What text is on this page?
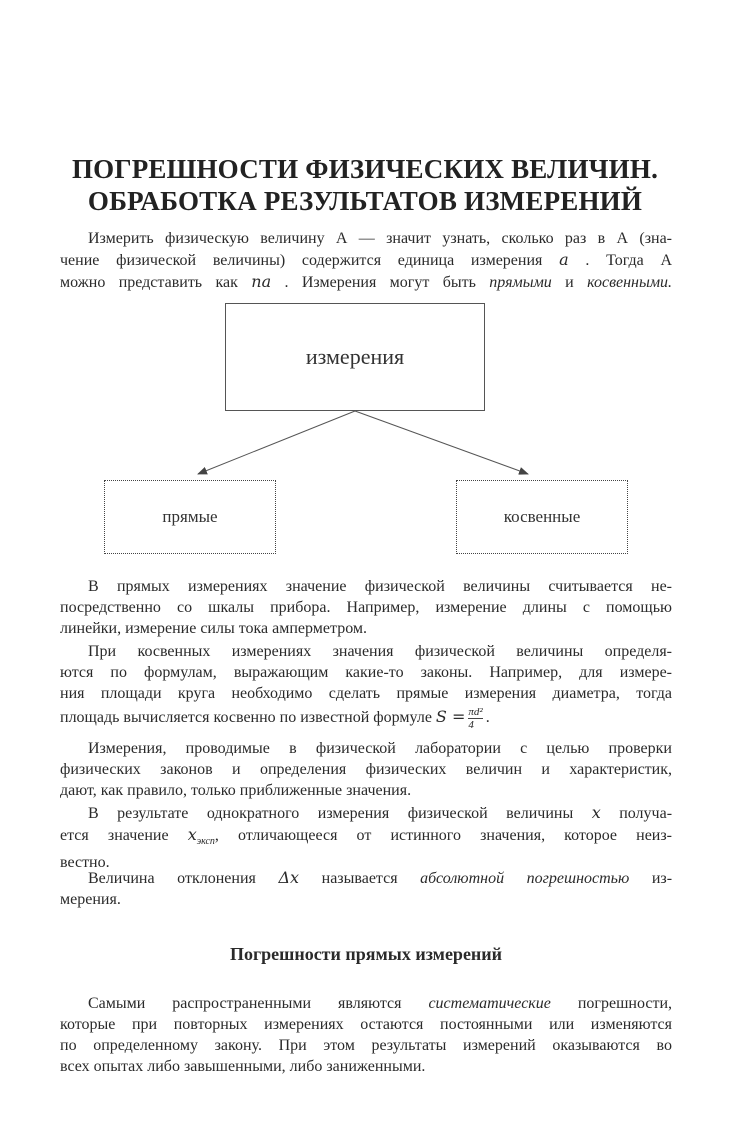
ПОГРЕШНОСТИ ФИЗИЧЕСКИХ ВЕЛИЧИН.
ОБРАБОТКА РЕЗУЛЬТАТОВ ИЗМЕРЕНИЙ
Измерить физическую величину А — значит узнать, сколько раз в А (зна-
чение физической величины) содержится единица измерения a . Тогда А
можно представить как na . Измерения могут быть прямыми и косвенными.
измерения
прямые	косвенные
В прямых измерениях значение физической величины считывается не-
посредственно со шкалы прибора. Например, измерение длины с помощью
линейки, измерение силы тока амперметром.
При косвенных измерениях значения физической величины определя-
ются по формулам, выражающим какие-то законы. Например, для измере-
ния площади круга необходимо сделать прямые измерения диаметра, тогда
площадь вычисляется косвенно по известной формуле $S = \frac{\text{πd²}}{4}$ .
Измерения, проводимые в физической лаборатории с целью проверки
физических законов и определения физических величин и характеристик,
дают, как правило, только приближенные значения.
В результате однократного измерения физической величины x получа-
ется значение $x_{эксп}$, отличающееся от истинного значения, которое неиз-
вестно.
Величина отклонения Δx называется абсолютной погрешностью из-
мерения.
Погрешности прямых измерений
Самыми распространенными являются систематические погрешности,
которые при повторных измерениях остаются постоянными или изменяются
по определенному закону. При этом результаты измерений оказываются во
всех опытах либо завышенными, либо заниженными.
